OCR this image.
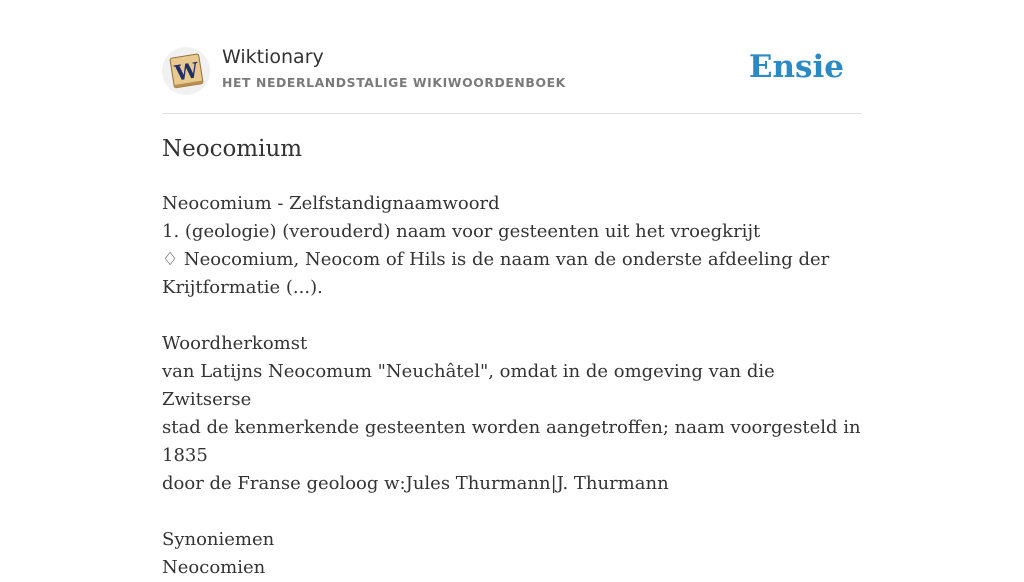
W
Wiktionary
HET NEDERLANDSTALIGE WIKIWOORDENBOEK	Ensie
Neocomium

Neocomium - Zelfstandignaamwoord

1. (geologie) (verouderd) naam voor gesteenten uit het vroegkrijt

♢ Neocomium, Neocom of Hils is de naam van de onderste afdeeling der

Krijtformatie (...).

Woordherkomst

van Latijns Neocomum "Neuchâtel", omdat in de omgeving van die Zwitserse

stad de kenmerkende gesteenten worden aangetroffen; naam voorgesteld in 1835

door de Franse geoloog w:Jules Thurmann|J. Thurmann

Synoniemen

Neocomien
